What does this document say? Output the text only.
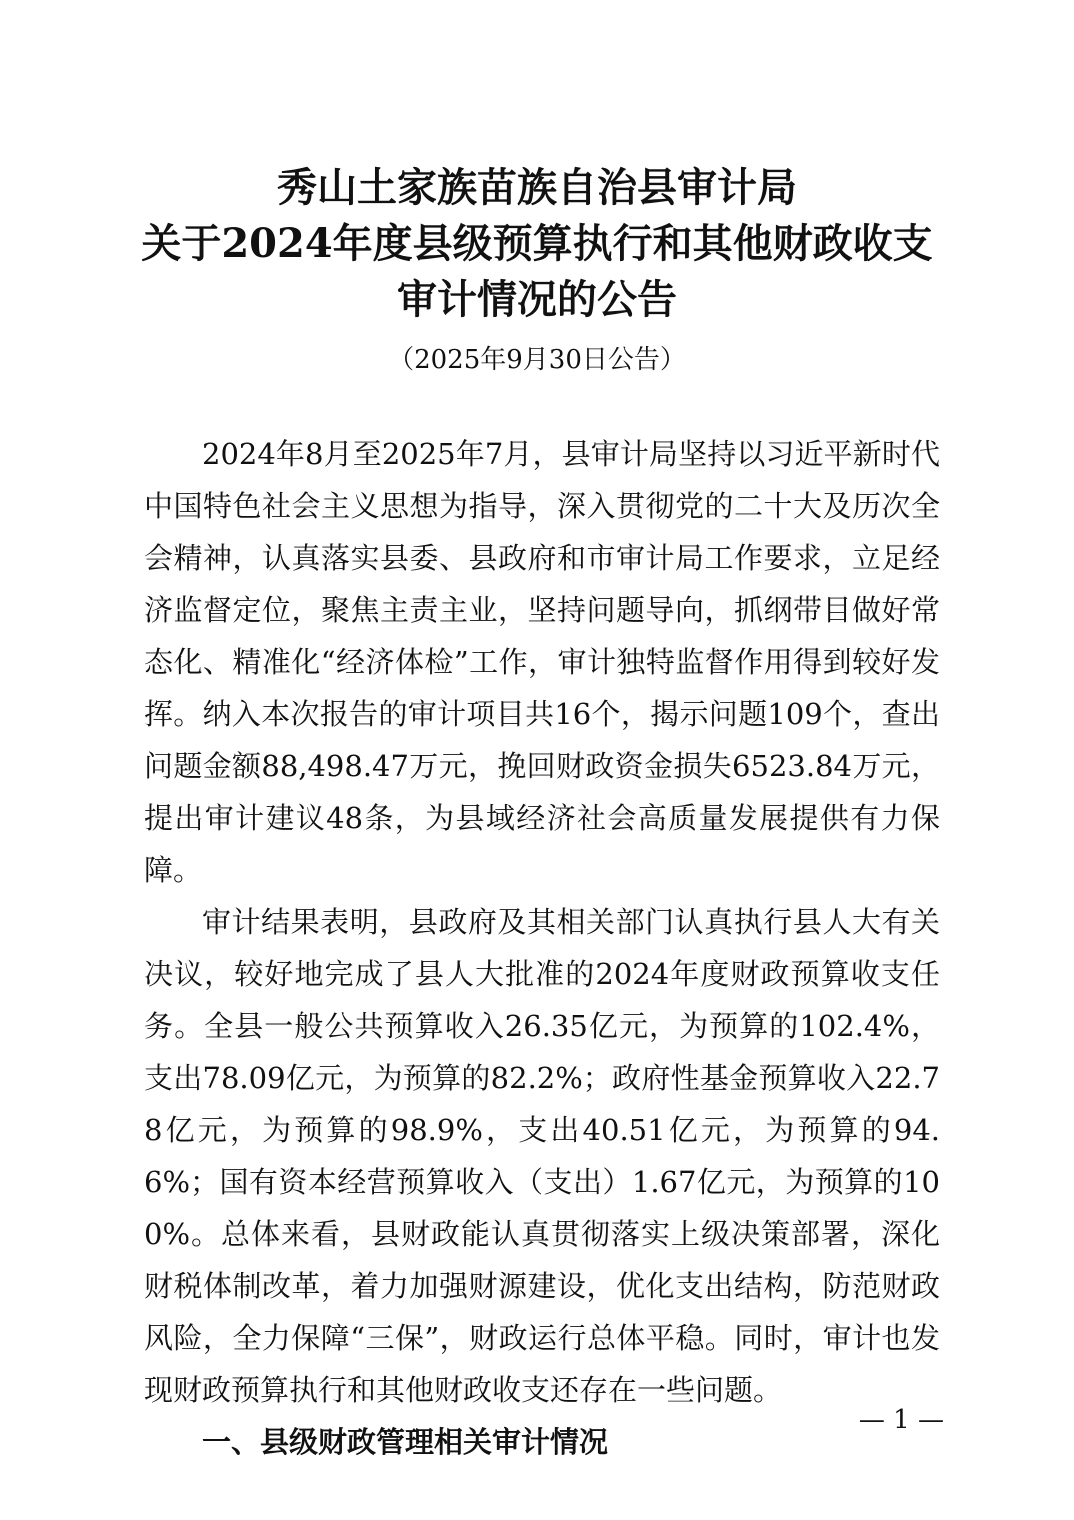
秀山土家族苗族自治县审计局
关于2024年度县级预算执行和其他财政收支
审计情况的公告
（2025年9月30日公告）

2024年8月至2025年7月，县审计局坚持以习近平新时代中国特色社会主义思想为指导，深入贯彻党的二十大及历次全会精神，认真落实县委、县政府和市审计局工作要求，立足经济监督定位，聚焦主责主业，坚持问题导向，抓纲带目做好常态化、精准化“经济体检”工作，审计独特监督作用得到较好发挥。纳入本次报告的审计项目共16个，揭示问题109个，查出问题金额88,498.47万元，挽回财政资金损失6523.84万元，提出审计建议48条，为县域经济社会高质量发展提供有力保障。

审计结果表明，县政府及其相关部门认真执行县人大有关决议，较好地完成了县人大批准的2024年度财政预算收支任务。全县一般公共预算收入26.35亿元，为预算的102.4%，支出78.09亿元，为预算的82.2%；政府性基金预算收入22.78亿元，为预算的98.9%，支出40.51亿元，为预算的94.6%；国有资本经营预算收入（支出）1.67亿元，为预算的100%。总体来看，县财政能认真贯彻落实上级决策部署，深化财税体制改革，着力加强财源建设，优化支出结构，防范财政风险，全力保障“三保”，财政运行总体平稳。同时，审计也发现财政预算执行和其他财政收支还存在一些问题。

一、县级财政管理相关审计情况

— 1 —
